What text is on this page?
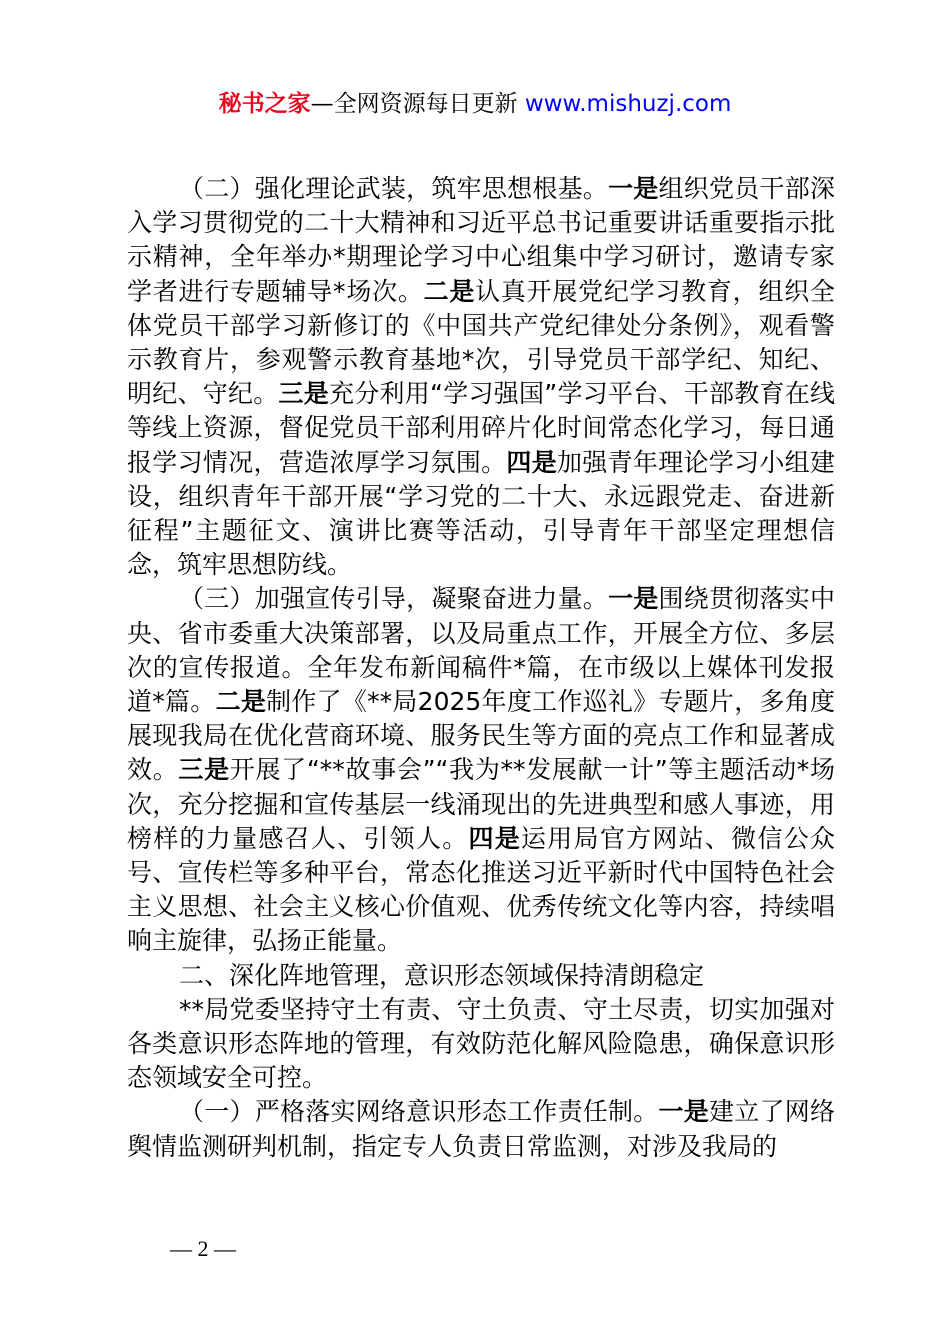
秘书之家—全网资源每日更新 www.mishuzj.com

（二）强化理论武装，筑牢思想根基。一是组织党员干部深入学习贯彻党的二十大精神和习近平总书记重要讲话重要指示批示精神，全年举办*期理论学习中心组集中学习研讨，邀请专家学者进行专题辅导*场次。二是认真开展党纪学习教育，组织全体党员干部学习新修订的《中国共产党纪律处分条例》，观看警示教育片，参观警示教育基地*次，引导党员干部学纪、知纪、明纪、守纪。三是充分利用“学习强国”学习平台、干部教育在线等线上资源，督促党员干部利用碎片化时间常态化学习，每日通报学习情况，营造浓厚学习氛围。四是加强青年理论学习小组建设，组织青年干部开展“学习党的二十大、永远跟党走、奋进新征程”主题征文、演讲比赛等活动，引导青年干部坚定理想信念，筑牢思想防线。

（三）加强宣传引导，凝聚奋进力量。一是围绕贯彻落实中央、省市委重大决策部署，以及局重点工作，开展全方位、多层次的宣传报道。全年发布新闻稿件*篇，在市级以上媒体刊发报道*篇。二是制作了《**局2025年度工作巡礼》专题片，多角度展现我局在优化营商环境、服务民生等方面的亮点工作和显著成效。三是开展了“**故事会”“我为**发展献一计”等主题活动*场次，充分挖掘和宣传基层一线涌现出的先进典型和感人事迹，用榜样的力量感召人、引领人。四是运用局官方网站、微信公众号、宣传栏等多种平台，常态化推送习近平新时代中国特色社会主义思想、社会主义核心价值观、优秀传统文化等内容，持续唱响主旋律，弘扬正能量。

二、深化阵地管理，意识形态领域保持清朗稳定

**局党委坚持守土有责、守土负责、守土尽责，切实加强对各类意识形态阵地的管理，有效防范化解风险隐患，确保意识形态领域安全可控。

（一）严格落实网络意识形态工作责任制。一是建立了网络舆情监测研判机制，指定专人负责日常监测，对涉及我局的

— 2 —
